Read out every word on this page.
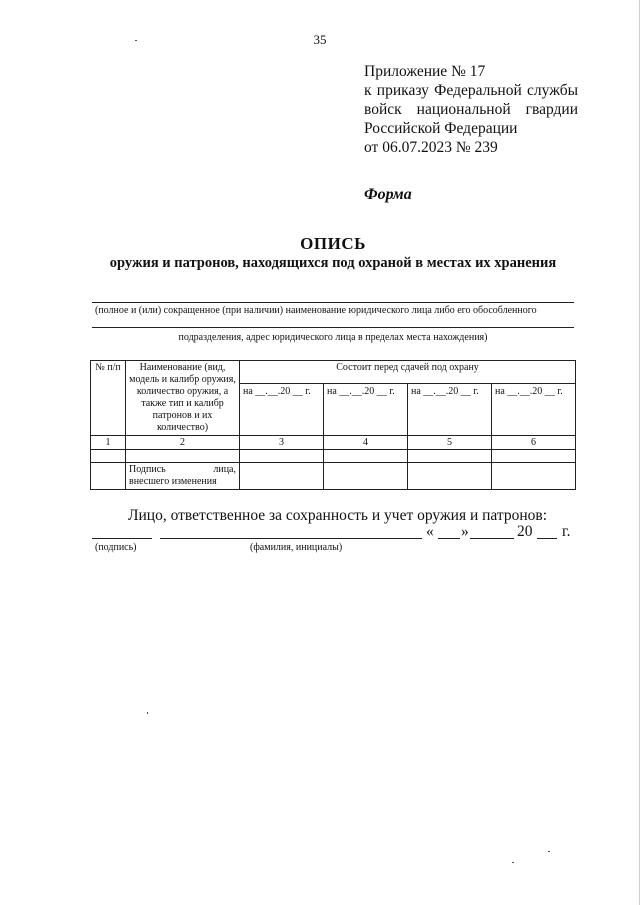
35
Приложение № 17
к приказу Федеральной службы
войск национальной гвардии
Российской Федерации
от 06.07.2023 № 239
Форма
ОПИСЬ
оружия и патронов, находящихся под охраной в местах их хранения
(полное и (или) сокращенное (при наличии) наименование юридического лица либо его обособленного
подразделения, адрес юридического лица в пределах места нахождения)
№ п/п	Наименование (вид, модель и калибр оружия, количество оружия, а также тип и калибр патронов и их количество)	Состоит перед сдачей под охрану			
		на __.__.20 __ г.	на __.__.20 __ г.	на __.__.20 __ г.	на __.__.20 __ г.
1	2	3	4	5	6

	Подпись лица,
внесшего изменения				
Лицо, ответственное за сохранность и учет оружия и патронов:
« »	20 г.
(подпись)	(фамилия, инициалы)
